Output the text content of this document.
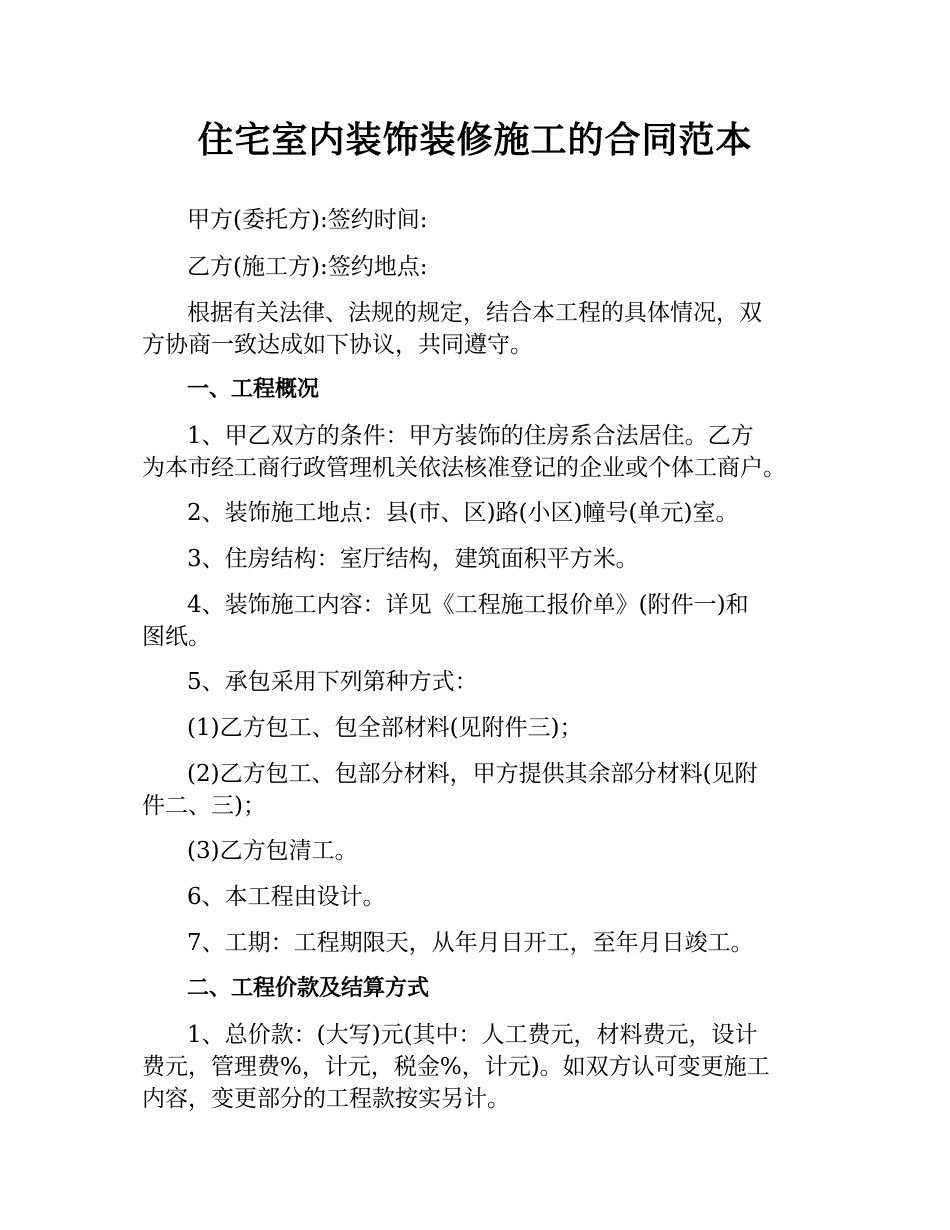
住宅室内装饰装修施工的合同范本
甲方(委托方):签约时间:
乙方(施工方):签约地点:
根据有关法律、法规的规定，结合本工程的具体情况，双
方协商一致达成如下协议，共同遵守。
一、工程概况
1、甲乙双方的条件：甲方装饰的住房系合法居住。乙方
为本市经工商行政管理机关依法核准登记的企业或个体工商户。
2、装饰施工地点：县(市、区)路(小区)幢号(单元)室。
3、住房结构：室厅结构，建筑面积平方米。
4、装饰施工内容：详见《工程施工报价单》(附件一)和
图纸。
5、承包采用下列第种方式：
(1)乙方包工、包全部材料(见附件三)；
(2)乙方包工、包部分材料，甲方提供其余部分材料(见附
件二、三)；
(3)乙方包清工。
6、本工程由设计。
7、工期：工程期限天，从年月日开工，至年月日竣工。
二、工程价款及结算方式
1、总价款：(大写)元(其中：人工费元，材料费元，设计
费元，管理费%，计元，税金%，计元)。如双方认可变更施工
内容，变更部分的工程款按实另计。
